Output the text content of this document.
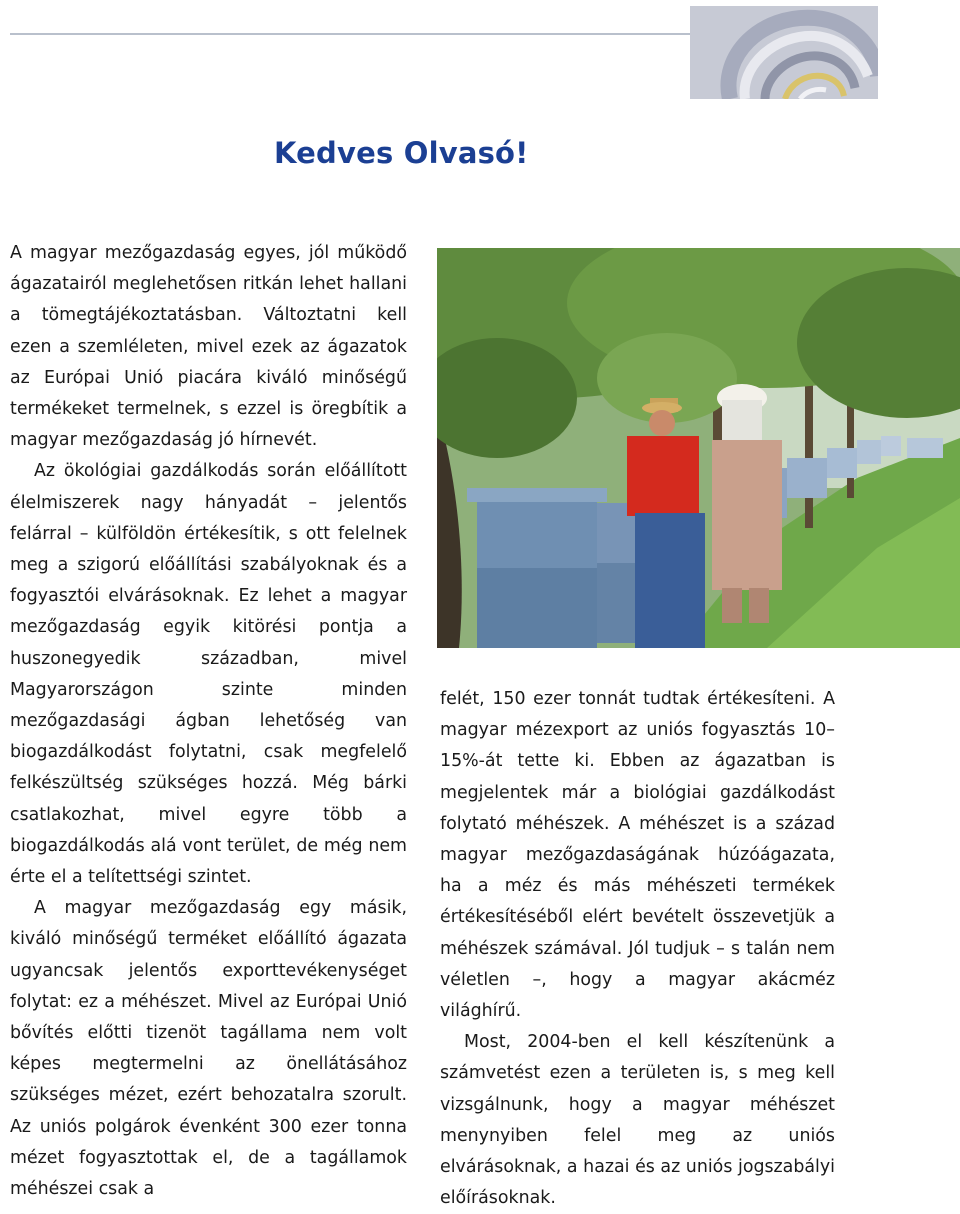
Kedves Olvasó!

A magyar mezőgazdaság egyes, jól működő ágazatairól meglehetősen ritkán lehet hallani a tömegtájékoztatásban. Változtatni kell ezen a szemléleten, mivel ezek az ágazatok az Európai Unió piacára kiváló minőségű termékeket termelnek, s ezzel is öregbítik a magyar mezőgazdaság jó hírnevét.

Az ökológiai gazdálkodás során előállított élelmiszerek nagy hányadát – jelentős felárral – külföldön értékesítik, s ott felelnek meg a szigorú előállítási szabályoknak és a fogyasztói elvárásoknak. Ez lehet a magyar mezőgazdaság egyik kitörési pontja a huszonegyedik században, mivel Magyarországon szinte minden mezőgazdasági ágban lehetőség van biogazdálkodást folytatni, csak megfelelő felkészültség szükséges hozzá. Még bárki csatlakozhat, mivel egyre több a biogazdálkodás alá vont terület, de még nem érte el a telítettségi szintet.

A magyar mezőgazdaság egy másik, kiváló minőségű terméket előállító ágazata ugyancsak jelentős exporttevékenységet folytat: ez a méhészet. Mivel az Európai Unió bővítés előtti tizenöt tagállama nem volt képes megtermelni az önellátásához szükséges mézet, ezért behozatalra szorult. Az uniós polgárok évenként 300 ezer tonna mézet fogyasztottak el, de a tagállamok méhészei csak a

felét, 150 ezer tonnát tudtak értékesíteni. A magyar mézexport az uniós fogyasztás 10–15%-át tette ki. Ebben az ágazatban is megjelentek már a biológiai gazdálkodást folytató méhészek. A méhészet is a század magyar mezőgazdaságának húzóágazata, ha a méz és más méhészeti termékek értékesítéséből elért bevételt összevetjük a méhészek számával. Jól tudjuk – s talán nem véletlen –, hogy a magyar akácméz világhírű.

Most, 2004-ben el kell készítenünk a számvetést ezen a területen is, s meg kell vizsgálnunk, hogy a magyar méhészet menynyiben felel meg az uniós elvárásoknak, a hazai és az uniós jogszabályi előírásoknak.
